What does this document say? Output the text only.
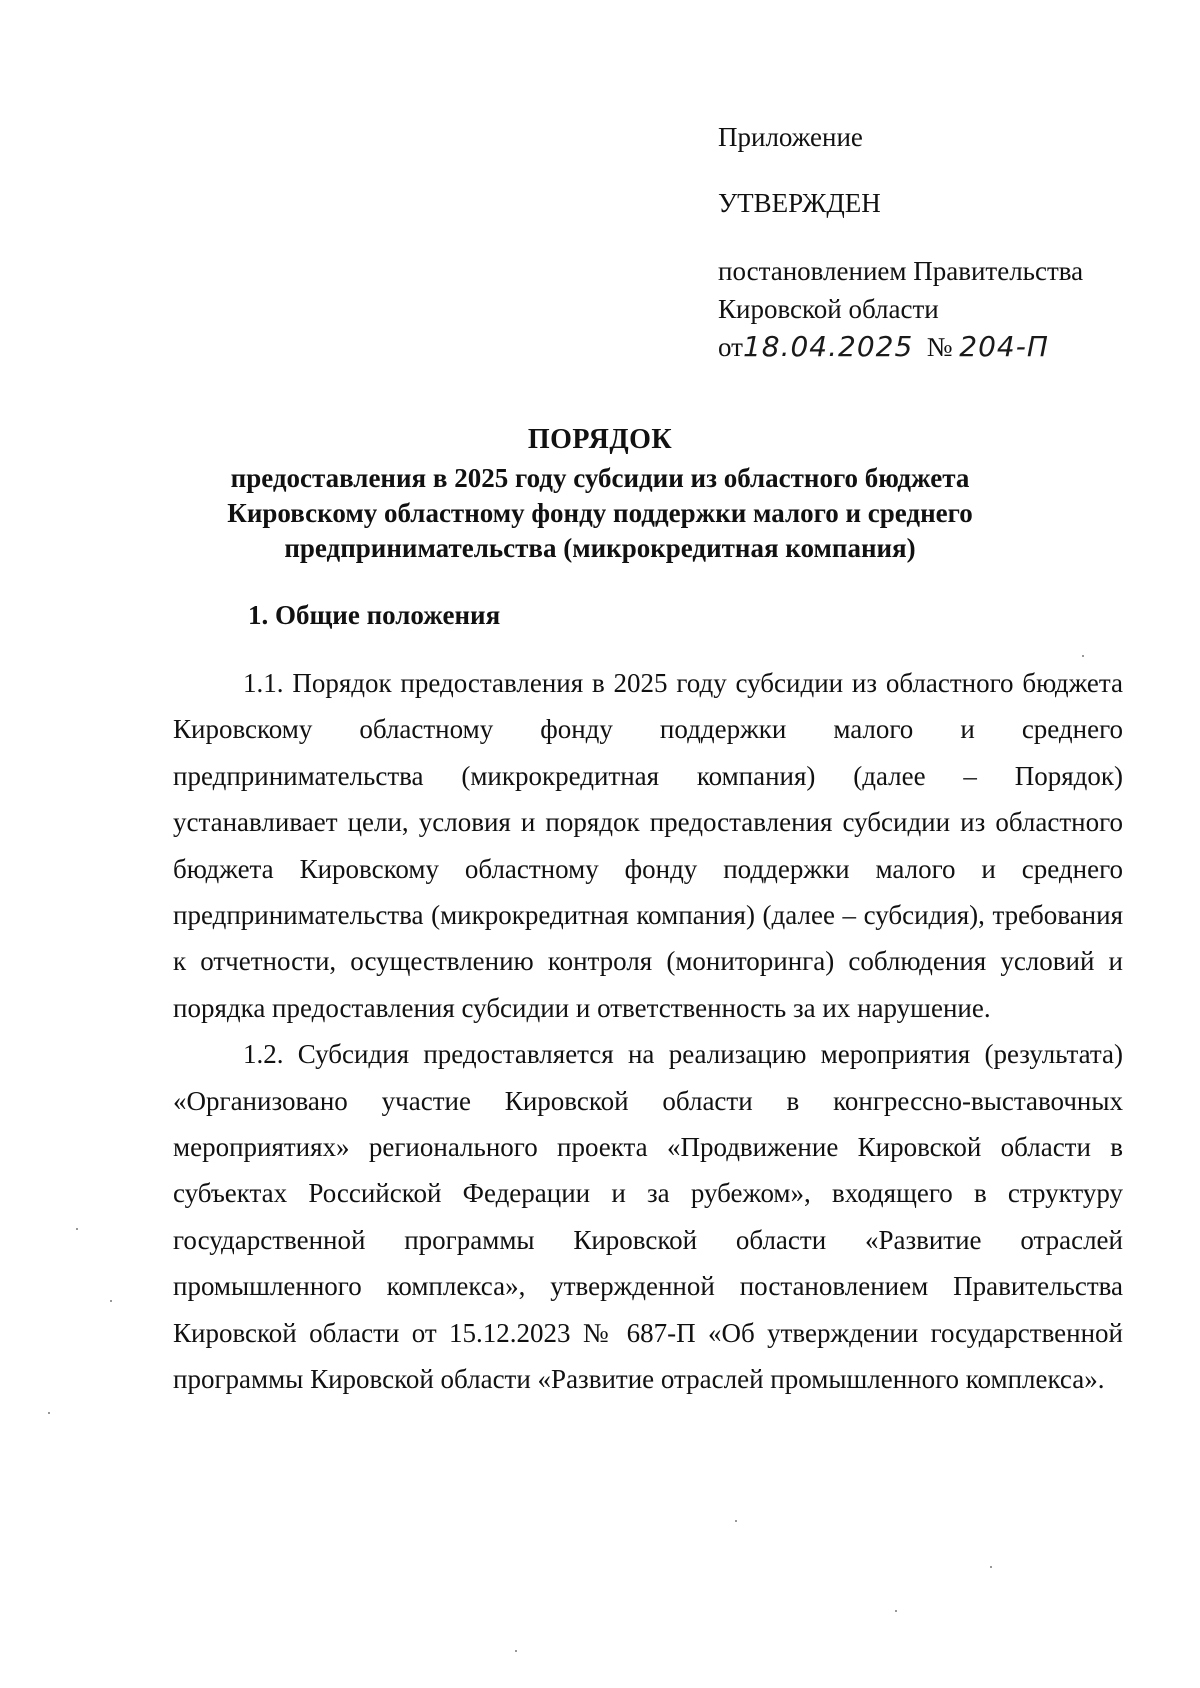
Приложение
УТВЕРЖДЕН
постановлением Правительства
Кировской области
от18.04.2025 № 204-П
ПОРЯДОК
предоставления в 2025 году субсидии из областного бюджета
Кировскому областному фонду поддержки малого и среднего
предпринимательства (микрокредитная компания)
1. Общие положения

1.1. Порядок предоставления в 2025 году субсидии из областного бюджета Кировскому областному фонду поддержки малого и среднего предпринимательства (микрокредитная компания) (далее – Порядок) устанавливает цели, условия и порядок предоставления субсидии из областного бюджета Кировскому областному фонду поддержки малого и среднего предпринимательства (микрокредитная компания) (далее – субсидия), требования к отчетности, осуществлению контроля (мониторинга) соблюдения условий и порядка предоставления субсидии и ответственность за их нарушение.

1.2. Субсидия предоставляется на реализацию мероприятия (результата) «Организовано участие Кировской области в конгрессно-выставочных мероприятиях» регионального проекта «Продвижение Кировской области в субъектах Российской Федерации и за рубежом», входящего в структуру государственной программы Кировской области «Развитие отраслей промышленного комплекса», утвержденной постановлением Правительства Кировской области от 15.12.2023 № 687-П «Об утверждении государственной программы Кировской области «Развитие отраслей промышленного комплекса».
